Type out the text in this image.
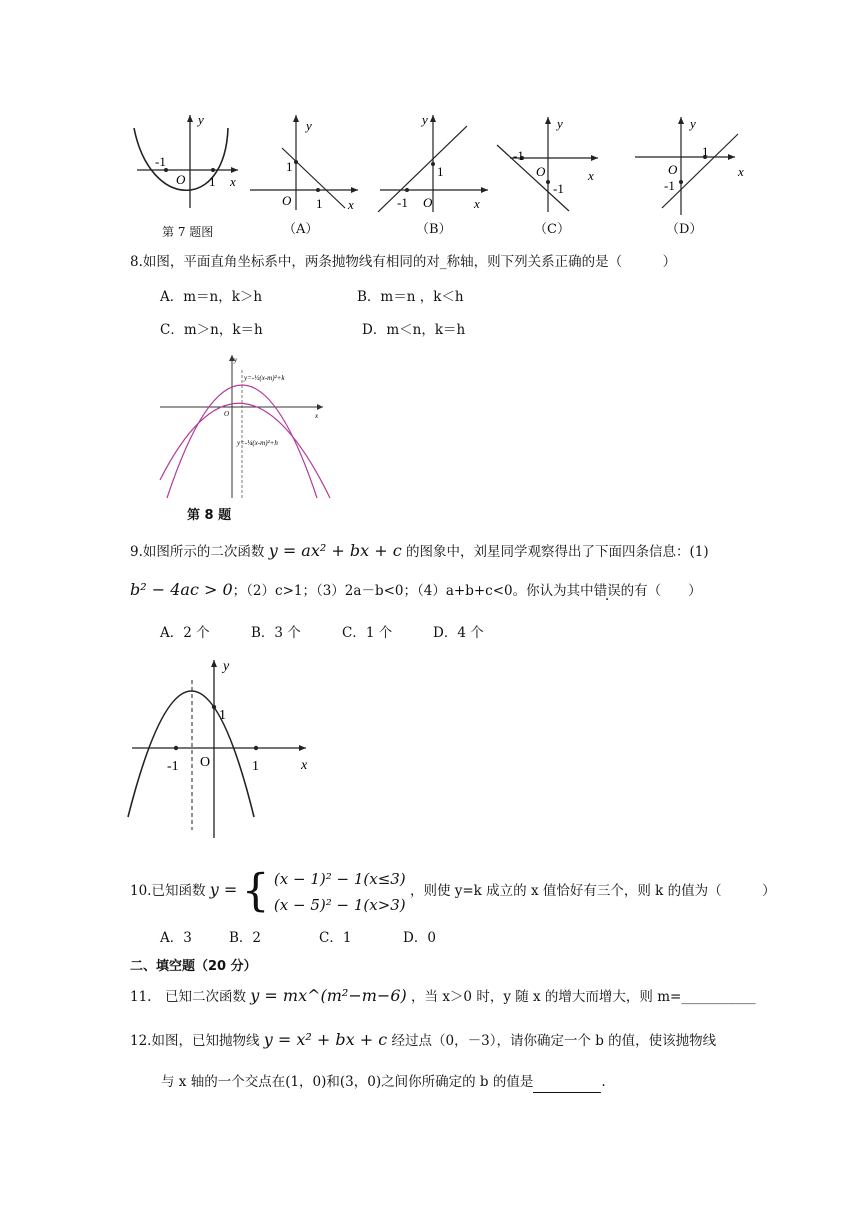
y
x
O
-1
1
y
x
O
1
1
y
x
O
1
-1
y
x
O
-1
-1
y
x
O
1
-1
第 7 题图	（A）	（B）	（C）	（D）
8.如图，平面直角坐标系中，两条抛物线有相同的对_称轴，则下列关系正确的是（　　　）
A．m＝n，k＞h	B．m＝n ，k＜h
C．m＞n，k＝h	D．m＜n，k＝h
O
y
x
y=-½(x-m)²+k
y=-¼(x-m)²+h
第 8 题
9.如图所示的二次函数 y = ax² + bx + c 的图象中，刘星同学观察得出了下面四条信息：(1)
b² − 4ac > 0；（2）c>1；（3）2a－b<0；（4）a+b+c<0。你认为其中错误的有（　　）
A．2 个	B．3 个	C．1 个	D．4 个
y
x
O
-1	1
1
10.已知函数 y = { (x − 1)² − 1(x≤3)
(x − 5)² − 1(x>3)
，则使 y=k 成立的 x 值恰好有三个，则 k 的值为（　　　）
A．3	B．2	C．1	D．0
二、填空题（20 分）
11.　已知二次函数 y = mx^(m²−m−6) ，当 x＞0 时，y 随 x 的增大而增大，则 m=___________
12.如图，已知抛物线 y = x² + bx + c 经过点（0，－3），请你确定一个 b 的值，使该抛物线
与 x 轴的一个交点在(1，0)和(3，0)之间你所确定的 b 的值是	.
